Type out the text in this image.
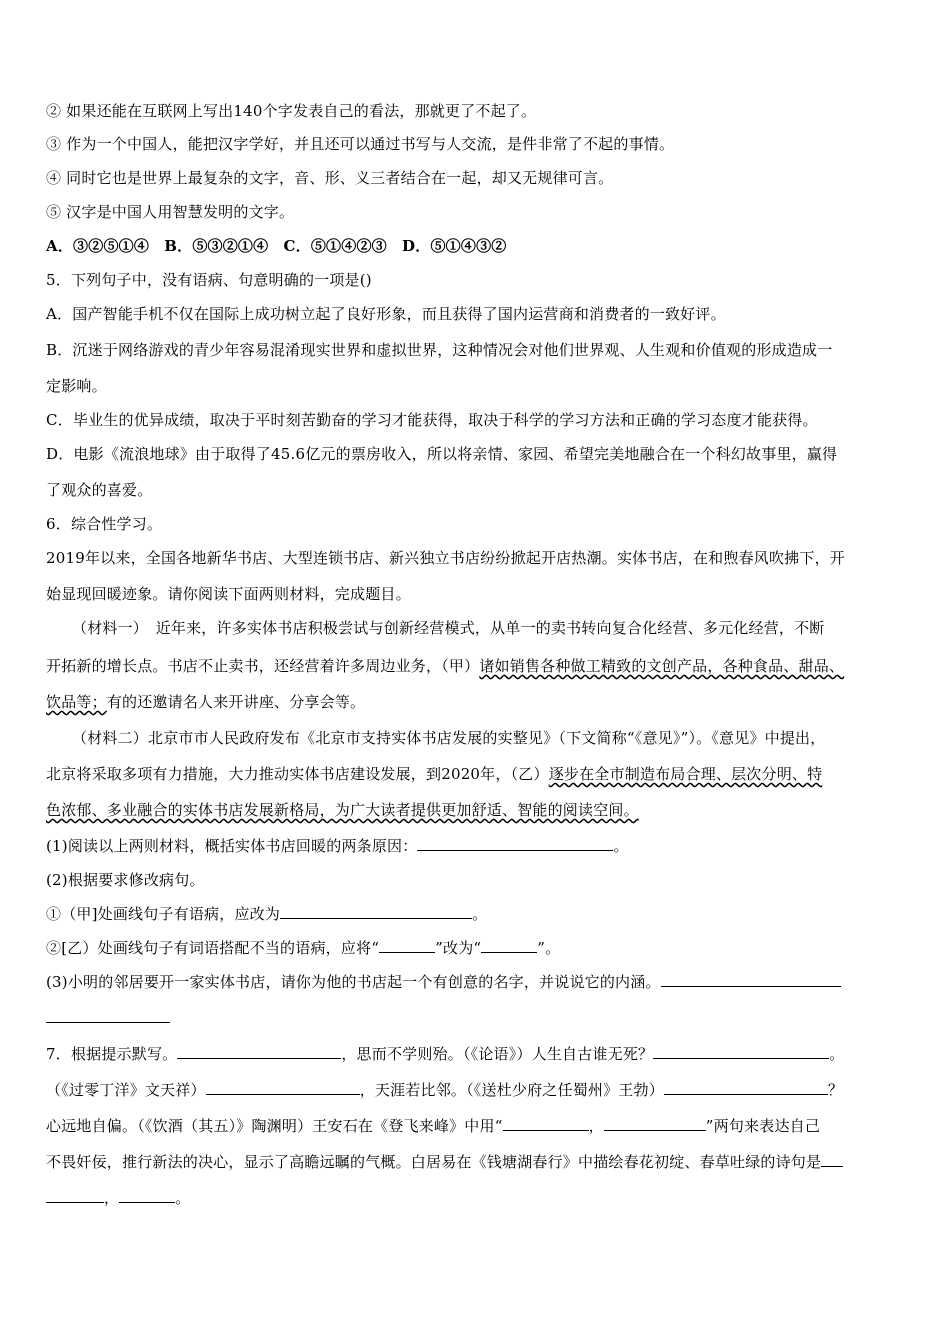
② 如果还能在互联网上写出140个字发表自己的看法，那就更了不起了。
③ 作为一个中国人，能把汉字学好，并且还可以通过书写与人交流，是件非常了不起的事情。
④ 同时它也是世界上最复杂的文字，音、形、义三者结合在一起，却又无规律可言。
⑤ 汉字是中国人用智慧发明的文字。
A．③②⑤①④　B．⑤③②①④　C．⑤①④②③　D．⑤①④③②
5．下列句子中，没有语病、句意明确的一项是()
A．国产智能手机不仅在国际上成功树立起了良好形象，而且获得了国内运营商和消费者的一致好评。
B．沉迷于网络游戏的青少年容易混淆现实世界和虚拟世界，这种情况会对他们世界观、人生观和价值观的形成造成一
定影响。
C．毕业生的优异成绩，取决于平时刻苦勤奋的学习才能获得，取决于科学的学习方法和正确的学习态度才能获得。
D．电影《流浪地球》由于取得了45.6亿元的票房收入，所以将亲情、家园、希望完美地融合在一个科幻故事里，赢得
了观众的喜爱。
6．综合性学习。
2019年以来，全国各地新华书店、大型连锁书店、新兴独立书店纷纷掀起开店热潮。实体书店，在和煦春风吹拂下，开
始显现回暖迹象。请你阅读下面两则材料，完成题目。
（材料一）　近年来，许多实体书店积极尝试与创新经营模式，从单一的卖书转向复合化经营、多元化经营，不断
开拓新的增长点。书店不止卖书，还经营着许多周边业务，（甲）诸如销售各种做工精致的文创产品，各种食品、甜品、
饮品等；有的还邀请名人来开讲座、分享会等。
（材料二）北京市市人民政府发布《北京市支持实体书店发展的实整见》（下文简称“《意见》”）。《意见》中提出，
北京将采取多项有力措施，大力推动实体书店建设发展，到2020年，（乙）逐步在全市制造布局合理、层次分明、特
色浓郁、多业融合的实体书店发展新格局，为广大读者提供更加舒适、智能的阅读空间。
(1)阅读以上两则材料，概括实体书店回暖的两条原因：	。
(2)根据要求修改病句。
①（甲]处画线句子有语病，应改为	。
②[乙）处画线句子有词语搭配不当的语病，应将“	”改为“	”。
(3)小明的邻居要开一家实体书店，请你为他的书店起一个有创意的名字，并说说它的内涵。
7．根据提示默写。	，思而不学则殆。（《论语》）人生自古谁无死？	。
（《过零丁洋》文天祥）	，天涯若比邻。（《送杜少府之任蜀州》王勃）	？
心远地自偏。（《饮酒（其五）》陶渊明）王安石在《登飞来峰》中用“	，	”两句来表达自己
不畏奸佞，推行新法的决心，显示了高瞻远瞩的气概。白居易在《钱塘湖春行》中描绘春花初绽、春草吐绿的诗句是
，	。
